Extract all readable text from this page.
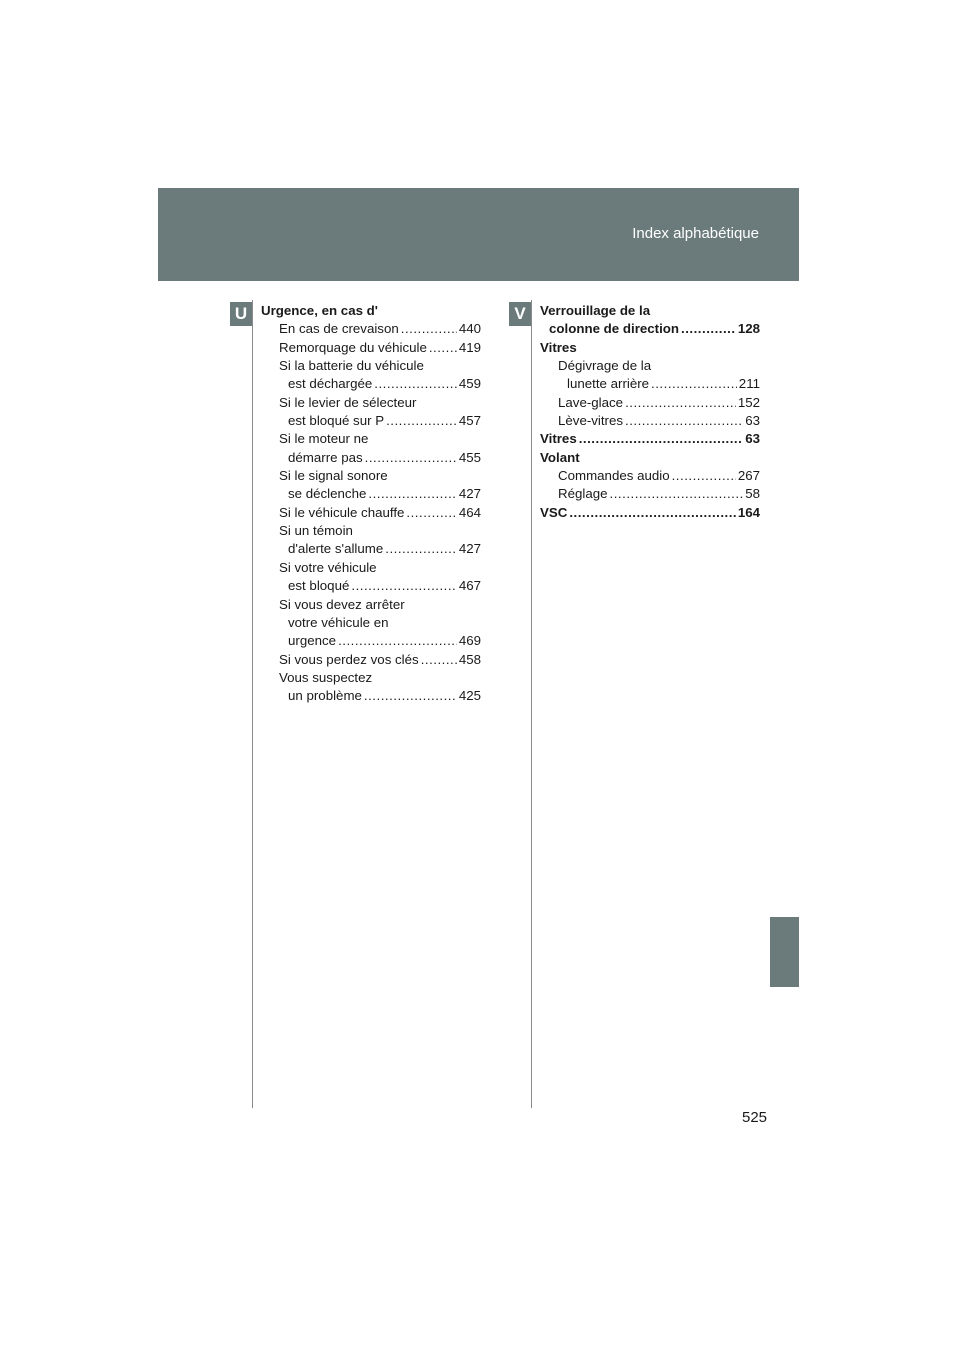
Index alphabétique
U	V
Urgence, en cas d'
En cas de crevaison .....	440
Remorquage du véhicule ..... 419
Si la batterie du véhicule
est déchargée .....	459
Si le levier de sélecteur
est bloqué sur P .....	457
Si le moteur ne
démarre pas .....	455
Si le signal sonore
se déclenche .....	427
Si le véhicule chauffe .....	464
Si un témoin
d'alerte s'allume .....	427
Si votre véhicule
est bloqué .....	467
Si vous devez arrêter
votre véhicule en
urgence .....	469
Si vous perdez vos clés .....	458
Vous suspectez
un problème .....	425
Verrouillage de la
colonne de direction .....	128
Vitres
Dégivrage de la
lunette arrière .....	211
Lave-glace .....	152
Lève-vitres .....	63
Vitres .....	63
Volant
Commandes audio .....	267
Réglage .....	58
VSC .....	164
525
